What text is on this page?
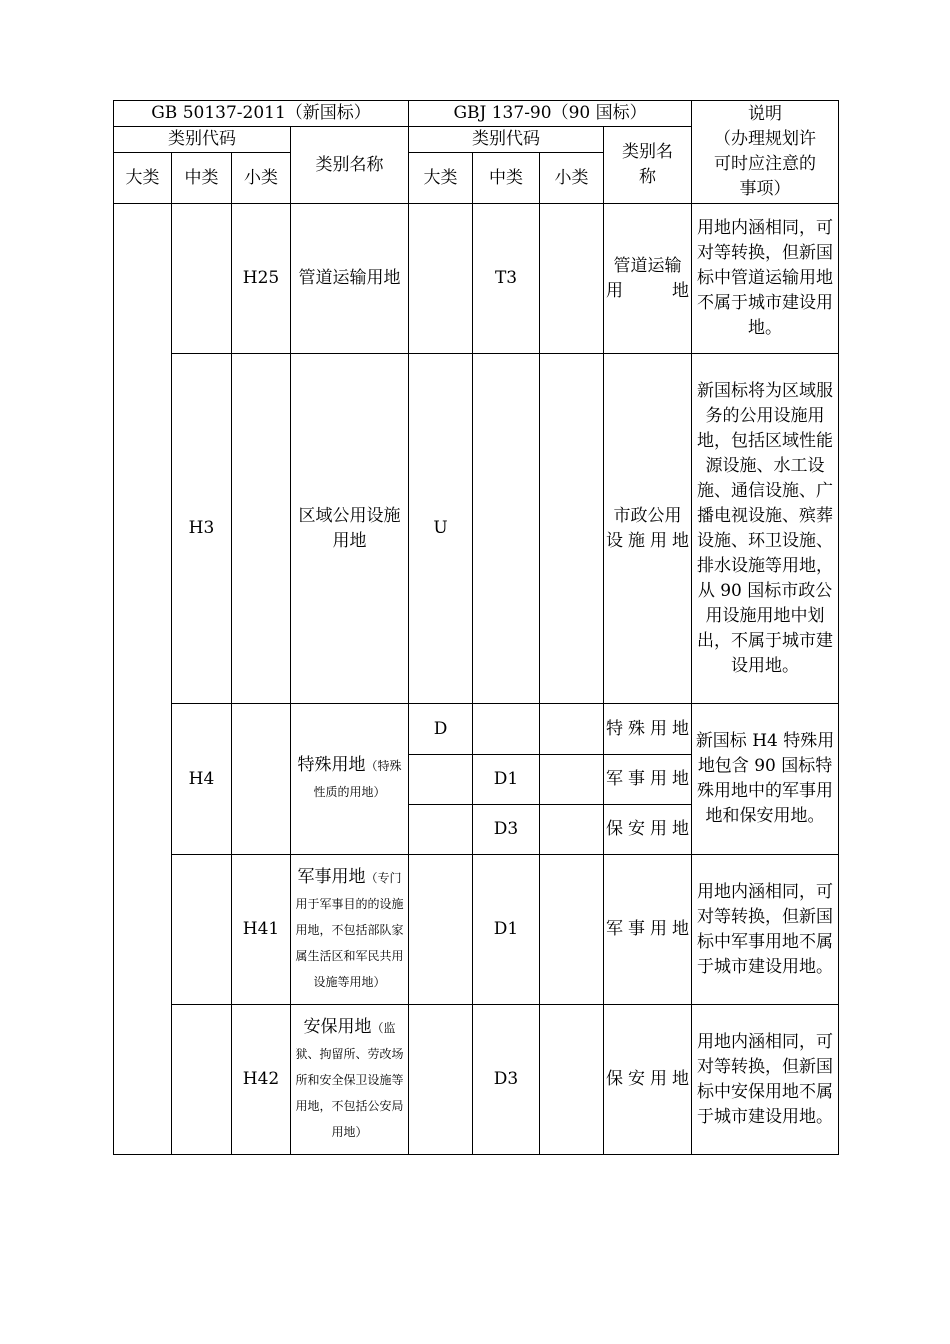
GB 50137-2011（新国标）				GBJ 137-90（90 国标）				说明
（办理规划许可时应注意的事项）

类别代码			类别名称	类别代码			类别名称	
大类	中类	小类		大类	中类	小类		
		H25	管道运输用地		T3		管道运输用地	用地内涵相同，可对等转换，但新国标中管道运输用地不属于城市建设用地。
	H3		区域公用设施用地	U			市政公用设施用地	新国标将为区域服务的公用设施用地，包括区域性能源设施、水工设施、通信设施、广播电视设施、殡葬设施、环卫设施、排水设施等用地，从 90 国标市政公用设施用地中划出，不属于城市建设用地。
	H4		特殊用地（特殊性质的用地）	D			特殊用地	新国标 H4 特殊用地包含 90 国标特殊用地中的军事用地和保安用地。
					D1		军事用地	
					D3		保安用地	
		H41	军事用地（专门用于军事目的的设施用地，不包括部队家属生活区和军民共用设施等用地）		D1		军事用地	用地内涵相同，可对等转换，但新国标中军事用地不属于城市建设用地。
		H42	安保用地（监狱、拘留所、劳改场所和安全保卫设施等用地，不包括公安局用地）		D3		保安用地	用地内涵相同，可对等转换，但新国标中安保用地不属于城市建设用地。
